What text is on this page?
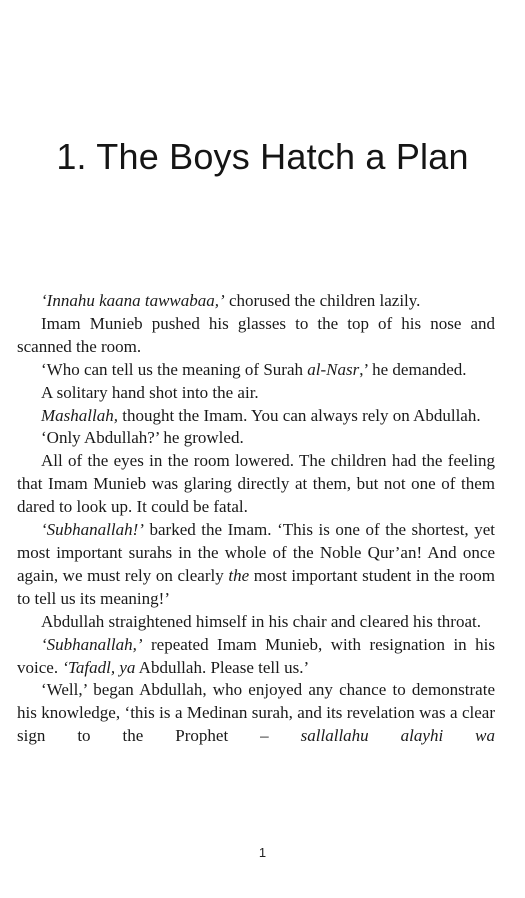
1. The Boys Hatch a Plan

‘Innahu kaana tawwabaa,’ chorused the children lazily.

Imam Munieb pushed his glasses to the top of his nose and scanned the room.

‘Who can tell us the meaning of Surah al-Nasr,’ he demanded.

A solitary hand shot into the air.

Mashallah, thought the Imam. You can always rely on Abdullah.

‘Only Abdullah?’ he growled.

All of the eyes in the room lowered. The children had the feeling that Imam Munieb was glaring directly at them, but not one of them dared to look up. It could be fatal.

‘Subhanallah!’ barked the Imam. ‘This is one of the shortest, yet most important surahs in the whole of the Noble Qur’an! And once again, we must rely on clearly the most important student in the room to tell us its meaning!’

Abdullah straightened himself in his chair and cleared his throat.

‘Subhanallah,’ repeated Imam Munieb, with resignation in his voice. ‘Tafadl, ya Abdullah. Please tell us.’

‘Well,’ began Abdullah, who enjoyed any chance to demonstrate his knowledge, ‘this is a Medinan surah, and its revelation was a clear sign to the Prophet – sallallahu alayhi wa

1
